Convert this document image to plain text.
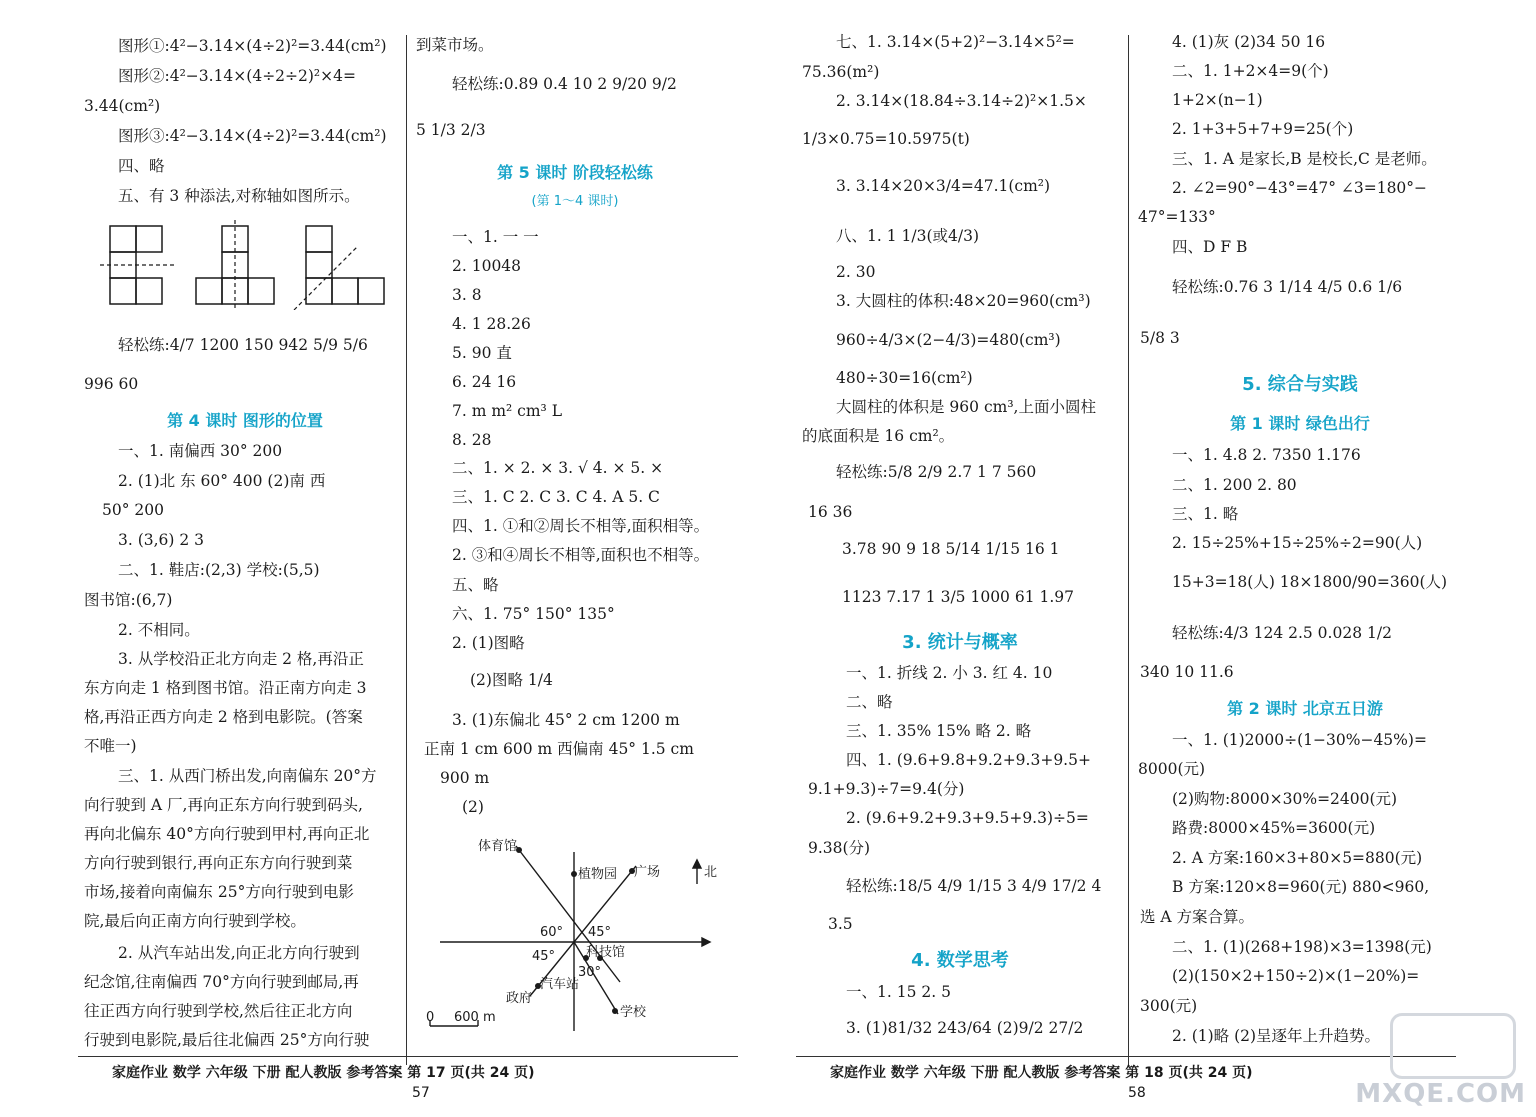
图形①:4²−3.14×(4÷2)²=3.44(cm²)
图形②:4²−3.14×(4÷2÷2)²×4=
3.44(cm²)
图形③:4²−3.14×(4÷2)²=3.44(cm²)
四、略
五、有 3 种添法,对称轴如图所示。
轻松练:4/7 1200 150 942 5/9 5/6
996 60
第 4 课时 图形的位置
一、1. 南偏西 30° 200
2. (1)北 东 60° 400 (2)南 西
50° 200
3. (3,6) 2 3
二、1. 鞋店:(2,3) 学校:(5,5)
图书馆:(6,7)
2. 不相同。
3. 从学校沿正北方向走 2 格,再沿正
东方向走 1 格到图书馆。沿正南方向走 3
格,再沿正西方向走 2 格到电影院。(答案
不唯一)
三、1. 从西门桥出发,向南偏东 20°方
向行驶到 A 厂,再向正东方向行驶到码头,
再向北偏东 40°方向行驶到甲村,再向正北
方向行驶到银行,再向正东方向行驶到菜
市场,接着向南偏东 25°方向行驶到电影
院,最后向正南方向行驶到学校。
2. 从汽车站出发,向正北方向行驶到
纪念馆,往南偏西 70°方向行驶到邮局,再
往正西方向行驶到学校,然后往正北方向
行驶到电影院,最后往北偏西 25°方向行驶
到菜市场。
轻松练:0.89 0.4 10 2 9/20 9/2
5 1/3 2/3
第 5 课时 阶段轻松练
(第 1～4 课时)
一、1. 一 一
2. 10048
3. 8
4. 1 28.26
5. 90 直
6. 24 16
7. m m² cm³ L
8. 28
二、1. × 2. × 3. √ 4. × 5. ×
三、1. C 2. C 3. C 4. A 5. C
四、1. ①和②周长不相等,面积相等。
2. ③和④周长不相等,面积也不相等。
五、略
六、1. 75° 150° 135°
2. (1)图略
(2)图略 1/4
3. (1)东偏北 45° 2 cm 1200 m
正南 1 cm 600 m 西偏南 45° 1.5 cm
900 m
(2)
体育馆
植物园 广场	北
科技馆
45°
60°
45°
30°
汽车站
政府
学校
0 600 m
七、1. 3.14×(5+2)²−3.14×5²=
75.36(m²)
2. 3.14×(18.84÷3.14÷2)²×1.5×
1/3×0.75=10.5975(t)
3. 3.14×20×3/4=47.1(cm²)
八、1. 1 1/3(或4/3)
2. 30
3. 大圆柱的体积:48×20=960(cm³)
960÷4/3×(2−4/3)=480(cm³)
480÷30=16(cm²)
大圆柱的体积是 960 cm³,上面小圆柱
的底面积是 16 cm²。
轻松练:5/8 2/9 2.7 1 7 560
16 36
3.78 90 9 18 5/14 1/15 16 1
1123 7.17 1 3/5 1000 61 1.97
3. 统计与概率
一、1. 折线 2. 小 3. 红 4. 10
二、略
三、1. 35% 15% 略 2. 略
四、1. (9.6+9.8+9.2+9.3+9.5+
9.1+9.3)÷7=9.4(分)
2. (9.6+9.2+9.3+9.5+9.3)÷5=
9.38(分)
轻松练:18/5 4/9 1/15 3 4/9 17/2 4
3.5
4. 数学思考
一、1. 15 2. 5
3. (1)81/32 243/64 (2)9/2 27/2
4. (1)灰 (2)34 50 16
二、1. 1+2×4=9(个)
1+2×(n−1)
2. 1+3+5+7+9=25(个)
三、1. A 是家长,B 是校长,C 是老师。
2. ∠2=90°−43°=47° ∠3=180°−
47°=133°
四、D F B
轻松练:0.76 3 1/14 4/5 0.6 1/6
5/8 3
5. 综合与实践
第 1 课时 绿色出行
一、1. 4.8 2. 7350 1.176
二、1. 200 2. 80
三、1. 略
2. 15÷25%+15÷25%÷2=90(人)
15+3=18(人) 18×1800/90=360(人)
轻松练:4/3 124 2.5 0.028 1/2
340 10 11.6
第 2 课时 北京五日游
一、1. (1)2000÷(1−30%−45%)=
8000(元)
(2)购物:8000×30%=2400(元)
路费:8000×45%=3600(元)
2. A 方案:160×3+80×5=880(元)
B 方案:120×8=960(元) 880<960,
选 A 方案合算。
二、1. (1)(268+198)×3=1398(元)
(2)(150×2+150÷2)×(1−20%)=
300(元)
2. (1)略 (2)呈逐年上升趋势。
家庭作业 数学 六年级 下册 配人教版 参考答案 第 17 页(共 24 页)	家庭作业 数学 六年级 下册 配人教版 参考答案 第 18 页(共 24 页)
57	58	MXQE.COM
